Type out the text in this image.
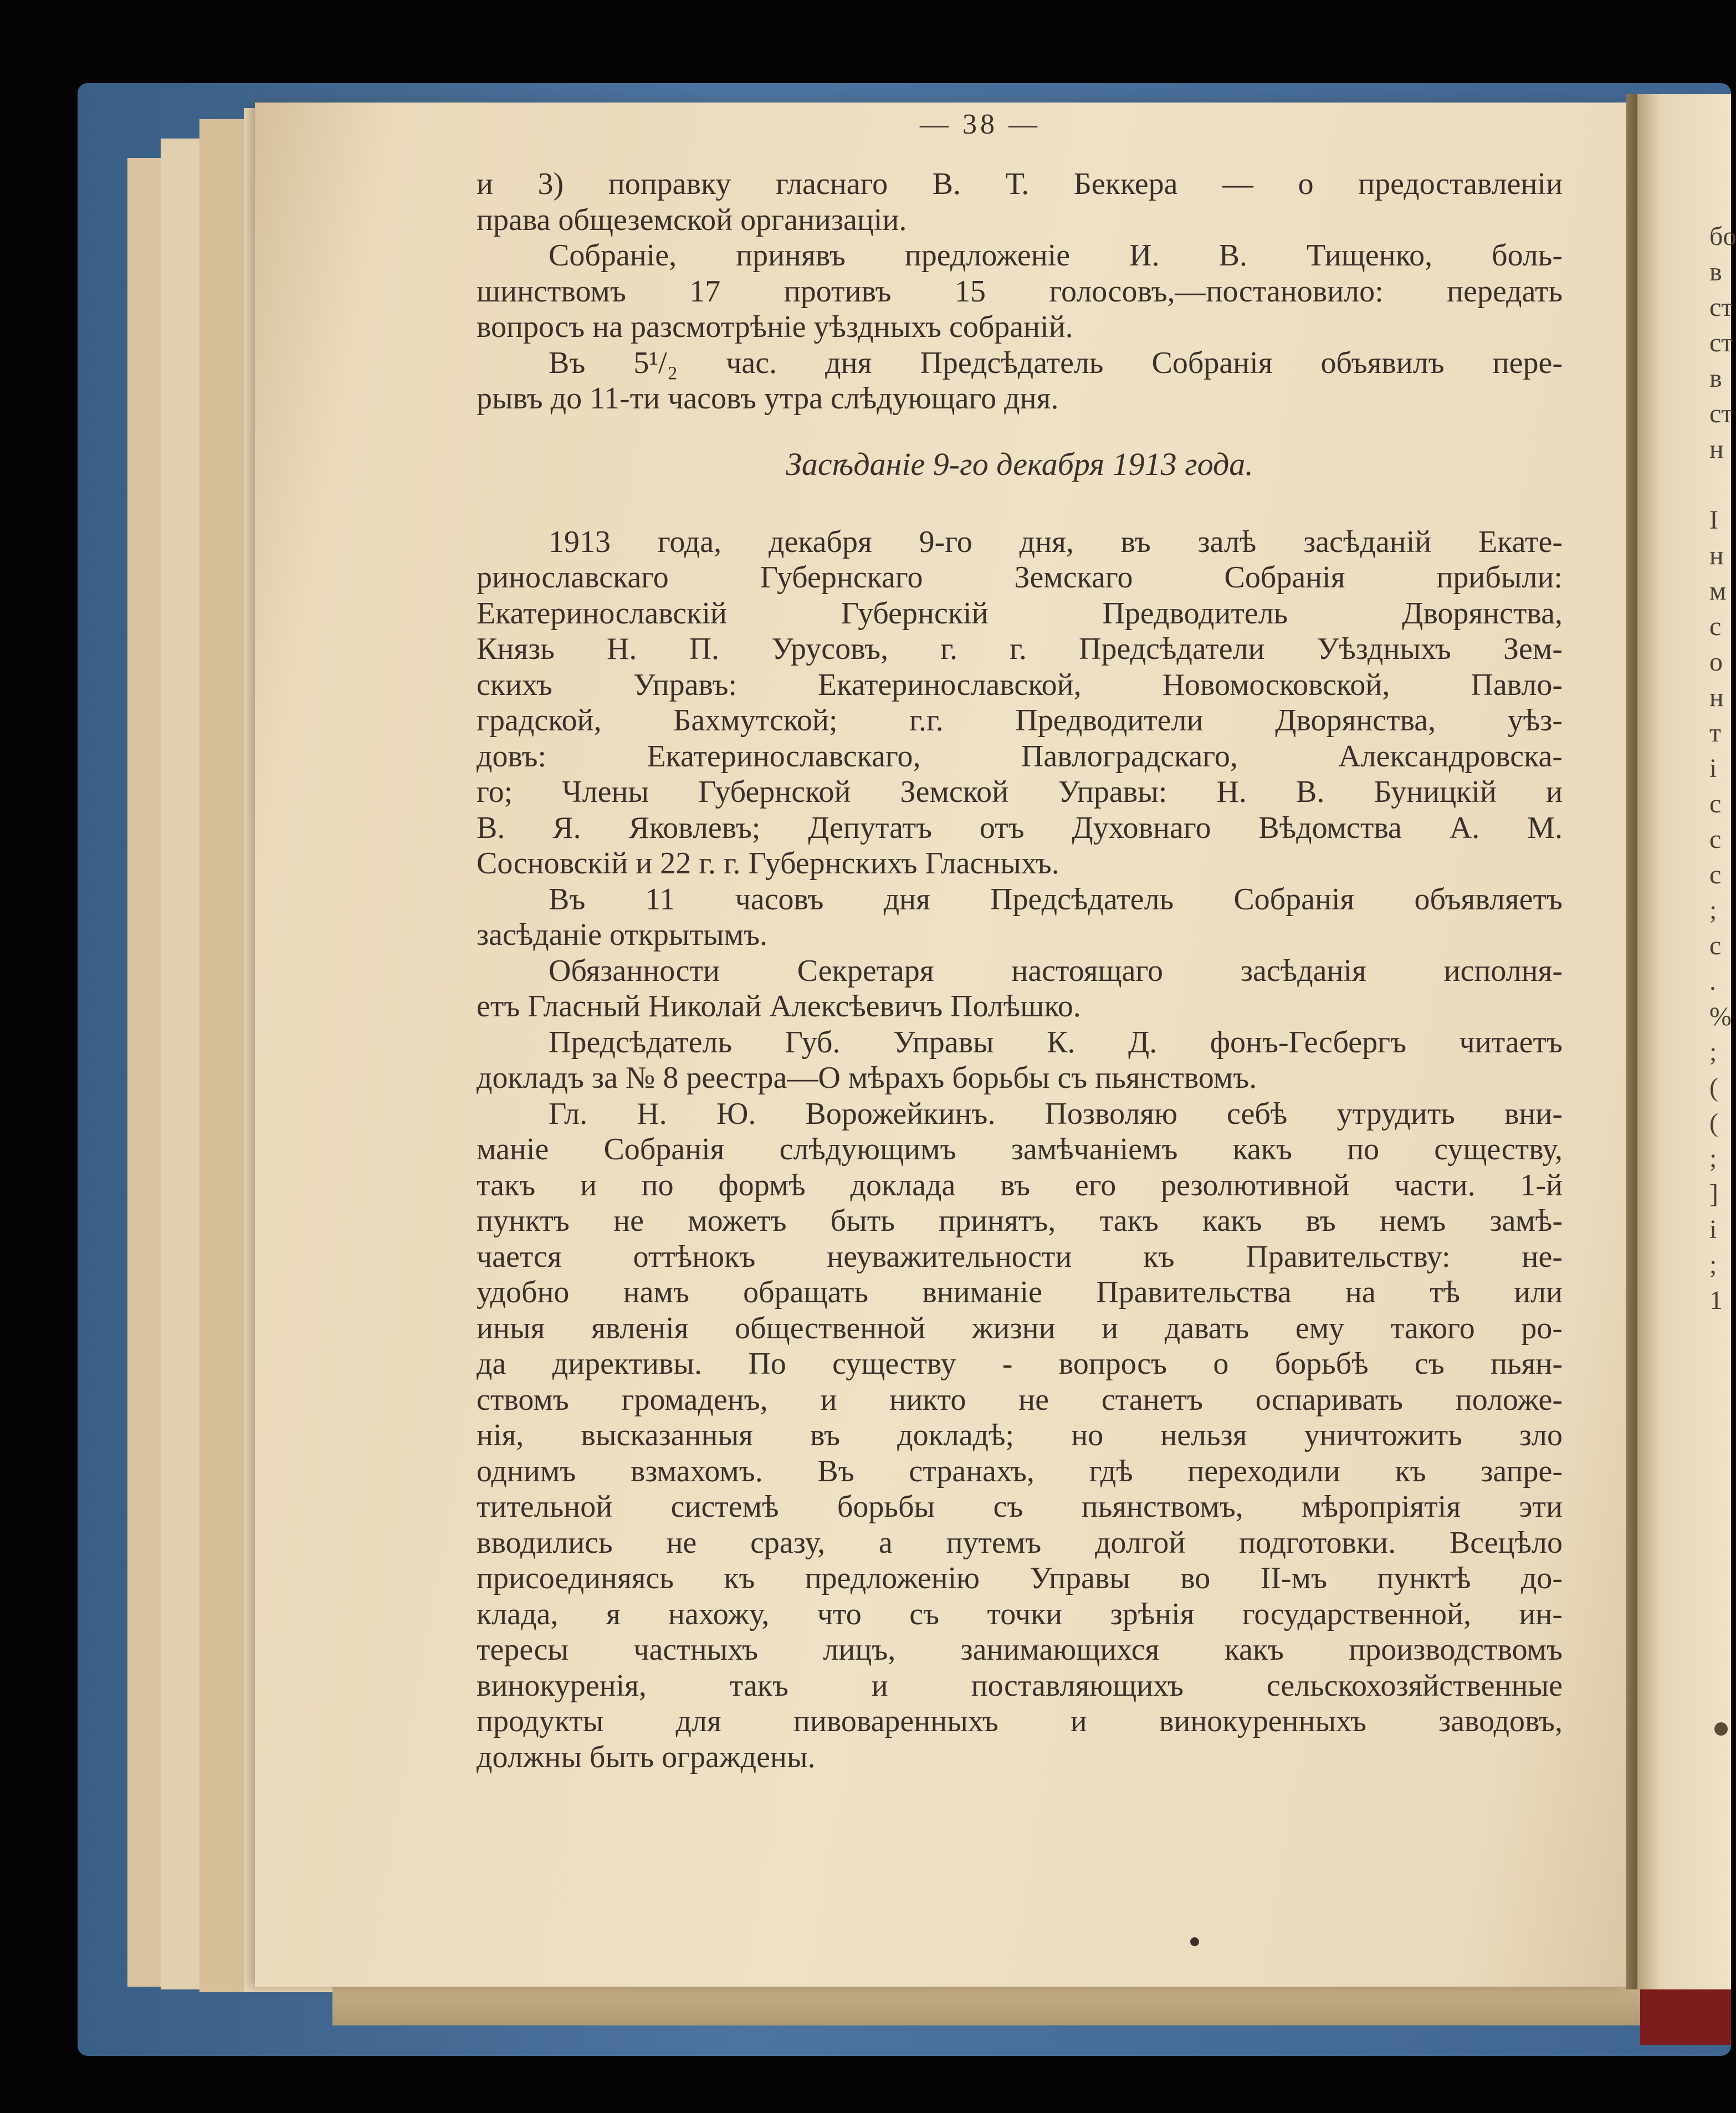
— 38 —
и 3) поправку гласнаго В. Т. Беккера — о предоставленіи
права общеземской организаціи.
Собраніе, принявъ предложеніе И. В. Тищенко, боль-
шинствомъ 17 противъ 15 голосовъ,—постановило: передать
вопросъ на разсмотрѣніе уѣздныхъ собраній.
Въ 5¹/₂ час. дня Предсѣдатель Собранія объявилъ пере-
рывъ до 11-ти часовъ утра слѣдующаго дня.
Засѣданіе 9-го декабря 1913 года.
1913 года, декабря 9-го дня, въ залѣ засѣданій Екате-
ринославскаго Губернскаго Земскаго Собранія прибыли:
Екатеринославскій Губернскій Предводитель Дворянства,
Князь Н. П. Урусовъ, г. г. Предсѣдатели Уѣздныхъ Зем-
скихъ Управъ: Екатеринославской, Новомосковской, Павло-
градской, Бахмутской; г.г. Предводители Дворянства, уѣз-
довъ: Екатеринославскаго, Павлоградскаго, Александровска-
го; Члены Губернской Земской Управы: Н. В. Буницкій и
В. Я. Яковлевъ; Депутатъ отъ Духовнаго Вѣдомства А. М.
Сосновскій и 22 г. г. Губернскихъ Гласныхъ.
Въ 11 часовъ дня Предсѣдатель Собранія объявляетъ
засѣданіе открытымъ.
Обязанности Секретаря настоящаго засѣданія исполня-
етъ Гласный Николай Алексѣевичъ Полѣшко.
Предсѣдатель Губ. Управы К. Д. фонъ-Гесбергъ читаетъ
докладъ за № 8 реестра—О мѣрахъ борьбы съ пьянствомъ.
Гл. Н. Ю. Ворожейкинъ. Позволяю себѣ утрудить вни-
маніе Собранія слѣдующимъ замѣчаніемъ какъ по существу,
такъ и по формѣ доклада въ его резолютивной части. 1-й
пунктъ не можетъ быть принятъ, такъ какъ въ немъ замѣ-
чается оттѣнокъ неуважительности къ Правительству: не-
удобно намъ обращать вниманіе Правительства на тѣ или
иныя явленія общественной жизни и давать ему такого ро-
да директивы. По существу - вопросъ о борьбѣ съ пьян-
ствомъ громаденъ, и никто не станетъ оспаривать положе-
нія, высказанныя въ докладѣ; но нельзя уничтожить зло
однимъ взмахомъ. Въ странахъ, гдѣ переходили къ запре-
тительной системѣ борьбы съ пьянствомъ, мѣропріятія эти
вводились не сразу, а путемъ долгой подготовки. Всецѣло
присоединяясь къ предложенію Управы во II-мъ пунктѣ до-
клада, я нахожу, что съ точки зрѣнія государственной, ин-
тересы частныхъ лицъ, занимающихся какъ производствомъ
винокуренія, такъ и поставляющихъ сельскохозяйственные
продукты для пивоваренныхъ и винокуренныхъ заводовъ,
должны быть ограждены.
бо
в
ст
ст
в
ст
н
I
н
м
с
о
н
т
і
с
с
с
;
с
.
%
;
(
(
;
]
і
;
1
